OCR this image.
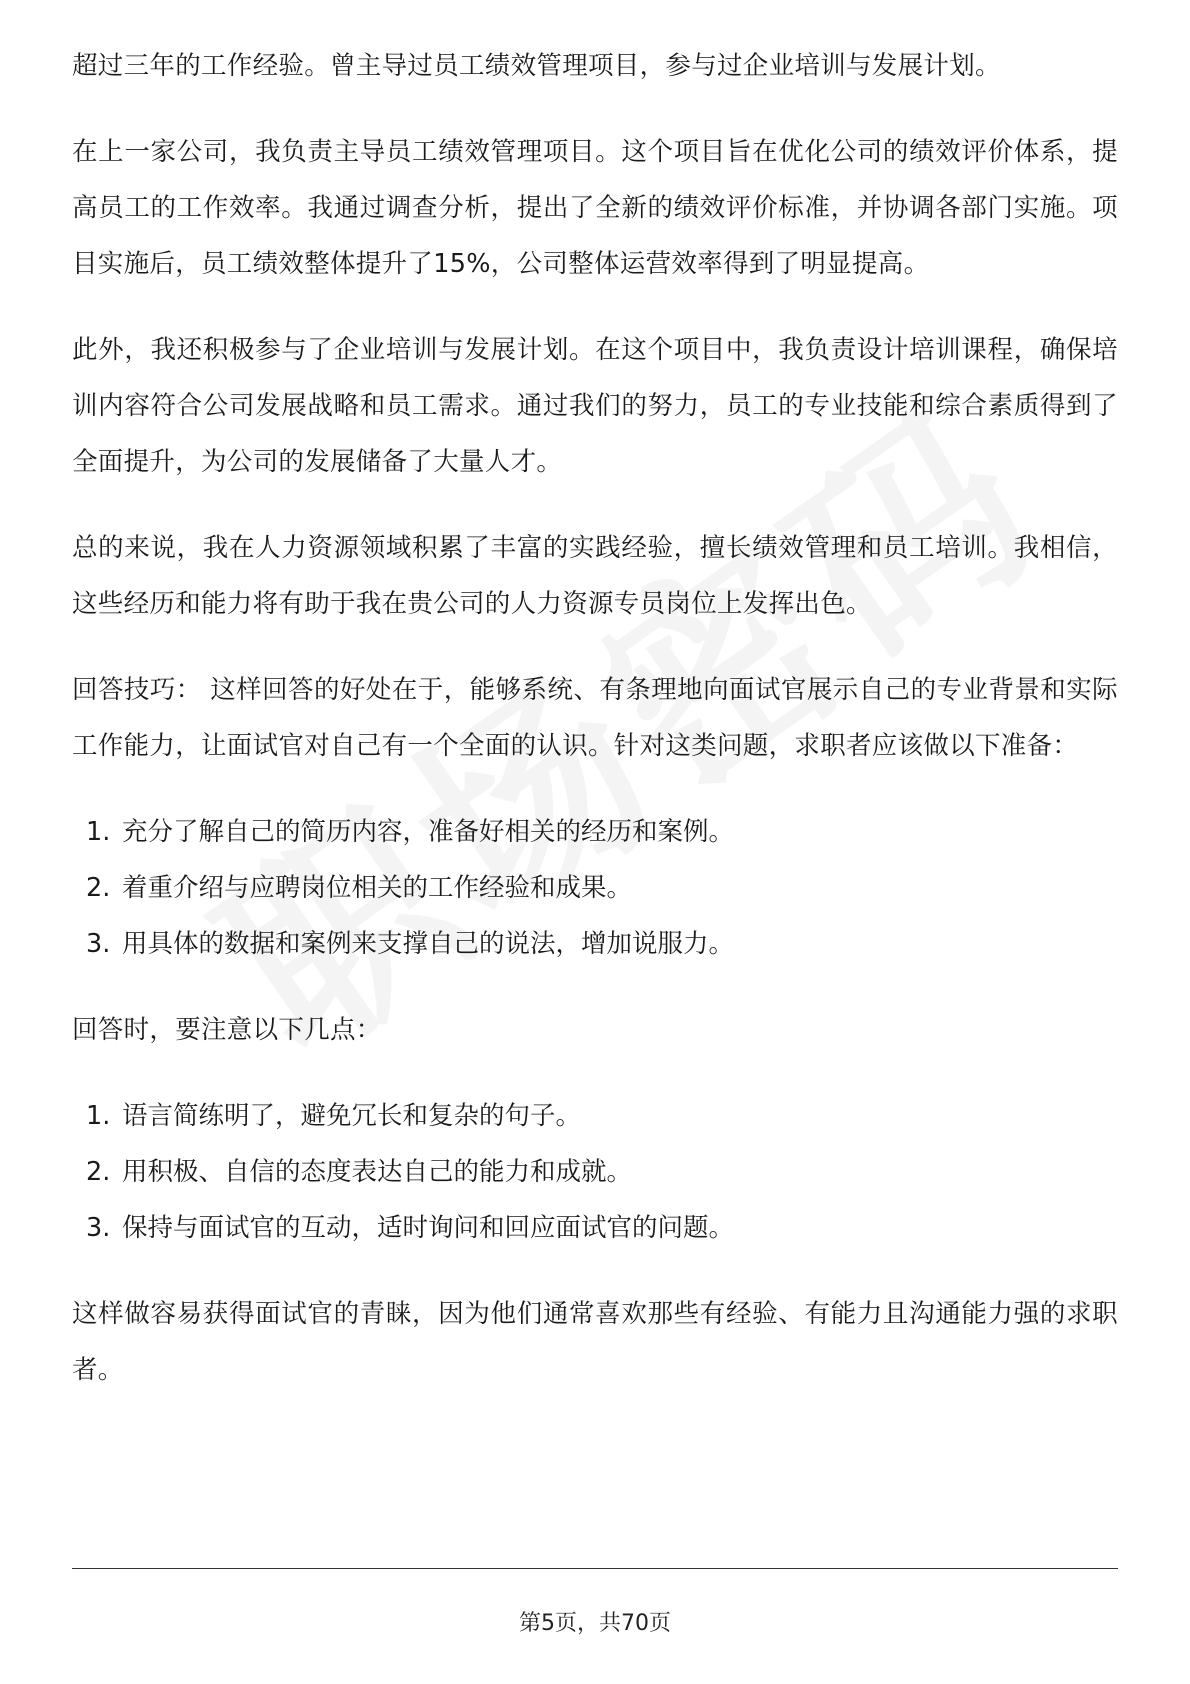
超过三年的工作经验。曾主导过员工绩效管理项目，参与过企业培训与发展计划。

在上一家公司，我负责主导员工绩效管理项目。这个项目旨在优化公司的绩效评价体系，提高员工的工作效率。我通过调查分析，提出了全新的绩效评价标准，并协调各部门实施。项目实施后，员工绩效整体提升了15%，公司整体运营效率得到了明显提高。

此外，我还积极参与了企业培训与发展计划。在这个项目中，我负责设计培训课程，确保培训内容符合公司发展战略和员工需求。通过我们的努力，员工的专业技能和综合素质得到了全面提升，为公司的发展储备了大量人才。

总的来说，我在人力资源领域积累了丰富的实践经验，擅长绩效管理和员工培训。我相信，这些经历和能力将有助于我在贵公司的人力资源专员岗位上发挥出色。

回答技巧： 这样回答的好处在于，能够系统、有条理地向面试官展示自己的专业背景和实际工作能力，让面试官对自己有一个全面的认识。针对这类问题，求职者应该做以下准备：

1. 充分了解自己的简历内容，准备好相关的经历和案例。
2. 着重介绍与应聘岗位相关的工作经验和成果。
3. 用具体的数据和案例来支撑自己的说法，增加说服力。

回答时，要注意以下几点：

1. 语言简练明了，避免冗长和复杂的句子。
2. 用积极、自信的态度表达自己的能力和成就。
3. 保持与面试官的互动，适时询问和回应面试官的问题。

这样做容易获得面试官的青睐，因为他们通常喜欢那些有经验、有能力且沟通能力强的求职者。

第5页，共70页
